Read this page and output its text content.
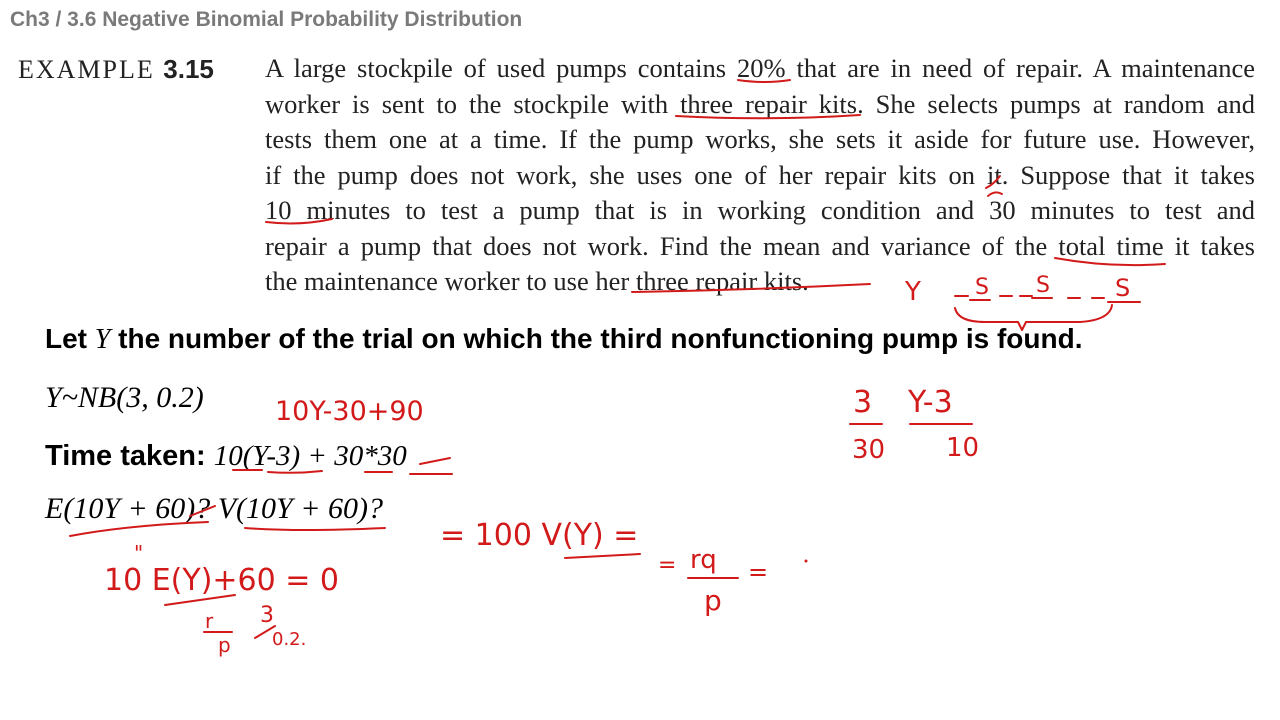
Ch3 / 3.6 Negative Binomial Probability Distribution
EXAMPLE 3.15 A large stockpile of used pumps contains 20% that are in need of repair. A maintenance
worker is sent to the stockpile with three repair kits. She selects pumps at random and
tests them one at a time. If the pump works, she sets it aside for future use. However,
if the pump does not work, she uses one of her repair kits on it. Suppose that it takes
10 minutes to test a pump that is in working condition and 30 minutes to test and
repair a pump that does not work. Find the mean and variance of the total time it takes
the maintenance worker to use her three repair kits.
Let Y the number of the trial on which the third nonfunctioning pump is found.
Y~NB(3, 0.2)
Time taken: 10(Y-3) + 30*30
E(10Y + 60)? V(10Y + 60)?
Y S S	S
10Y-30+90	3
30
Y-3
10
= 100 V(Y) =
= rq
p
=
"
10 E(Y)+60 = 0
r
p
3
0.2.
